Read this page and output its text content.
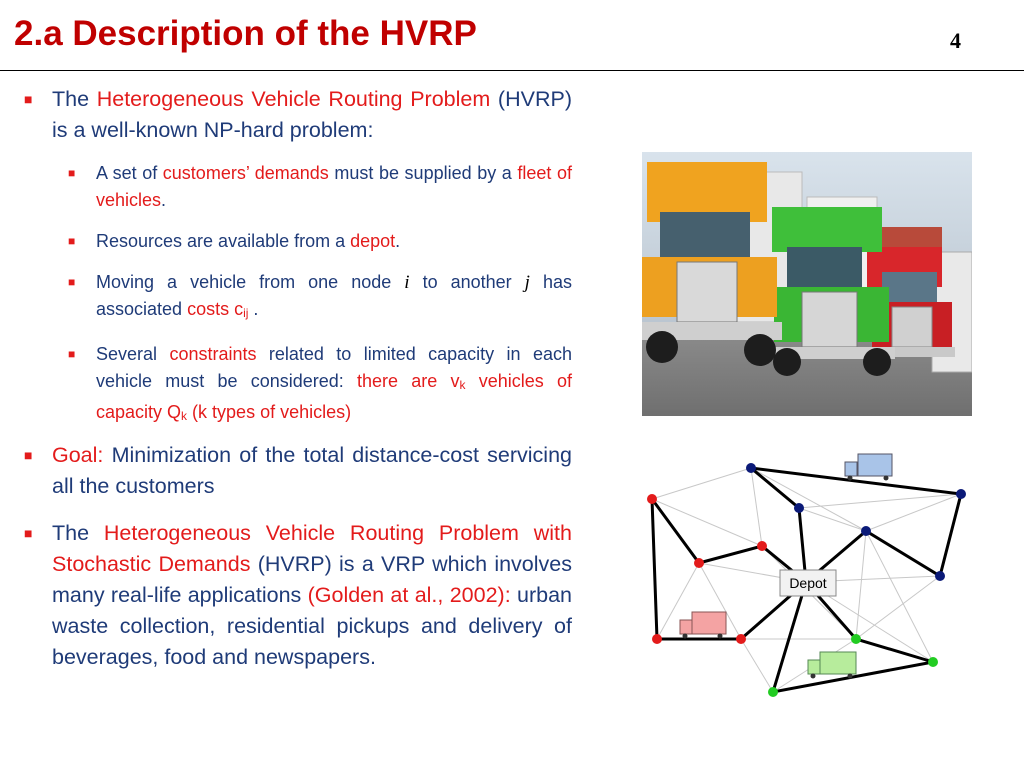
2.a Description of the HVRP	4
■ The Heterogeneous Vehicle Routing Problem (HVRP) is a well-known NP-hard problem:
■ A set of customers’ demands must be supplied by a fleet of vehicles.
■ Resources are available from a depot.
■ Moving a vehicle from one node i to another j has associated costs cij .
■ Several constraints related to limited capacity in each vehicle must be considered: there are vk vehicles of capacity Qk (k types of vehicles)
■ Goal: Minimization of the total distance-cost servicing all the customers
■ The Heterogeneous Vehicle Routing Problem with Stochastic Demands (HVRP) is a VRP which involves many real-life applications (Golden at al., 2002): urban waste collection, residential pickups and delivery of beverages, food and newspapers.
Depot
